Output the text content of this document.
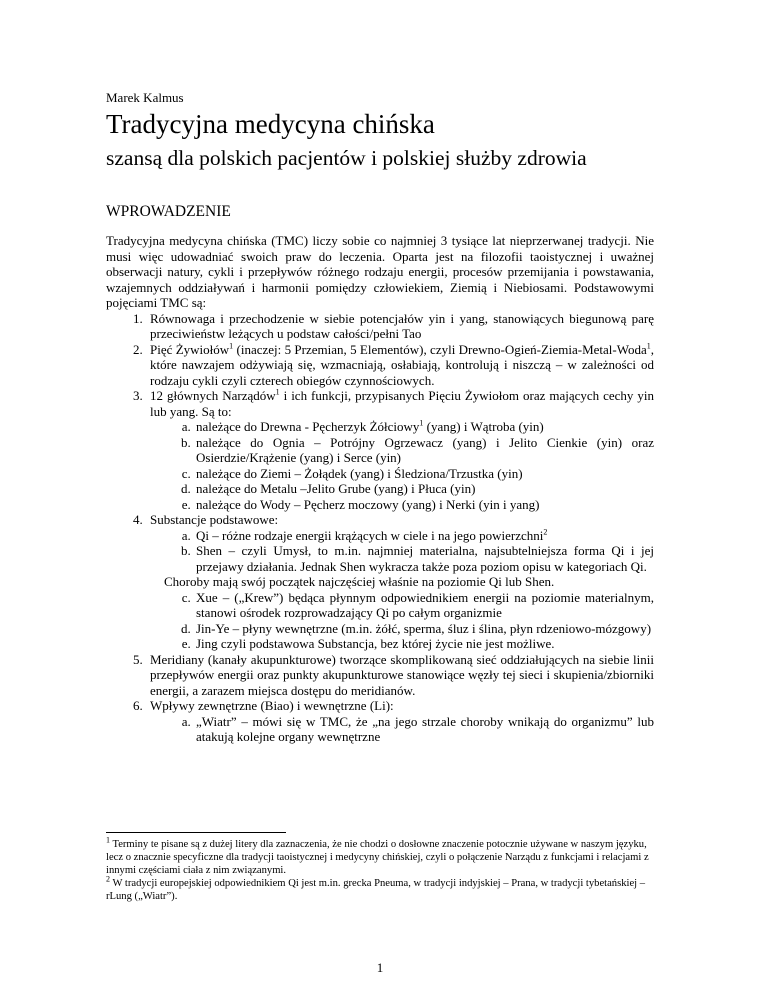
Marek Kalmus
Tradycyjna medycyna chińska
szansą dla polskich pacjentów i polskiej służby zdrowia
WPROWADZENIE

Tradycyjna medycyna chińska (TMC) liczy sobie co najmniej 3 tysiące lat nieprzerwanej tradycji. Nie musi więc udowadniać swoich praw do leczenia. Oparta jest na filozofii taoistycznej i uważnej obserwacji natury, cykli i przepływów różnego rodzaju energii, procesów przemijania i powstawania, wzajemnych oddziaływań i harmonii pomiędzy człowiekiem, Ziemią i Niebiosami. Podstawowymi pojęciami TMC są:

1. Równowaga i przechodzenie w siebie potencjałów yin i yang, stanowiących biegunową parę przeciwieństw leżących u podstaw całości/pełni Tao
2. Pięć Żywiołów$^1$ (inaczej: 5 Przemian, 5 Elementów), czyli Drewno-Ogień-Ziemia-Metal-Woda$^1$, które nawzajem odżywiają się, wzmacniają, osłabiają, kontrolują i niszczą – w zależności od rodzaju cykli czyli czterech obiegów czynnościowych.
3. 12 głównych Narządów$^1$ i ich funkcji, przypisanych Pięciu Żywiołom oraz mających cechy yin lub yang. Są to:
a. należące do Drewna - Pęcherzyk Żółciowy$^1$ (yang) i Wątroba (yin)
b. należące do Ognia – Potrójny Ogrzewacz (yang) i Jelito Cienkie (yin) oraz Osierdzie/Krążenie (yang) i Serce (yin)
c. należące do Ziemi – Żołądek (yang) i Śledziona/Trzustka (yin)
d. należące do Metalu –Jelito Grube (yang) i Płuca (yin)
e. należące do Wody – Pęcherz moczowy (yang) i Nerki (yin i yang)
4. Substancje podstawowe:
a. Qi – różne rodzaje energii krążących w ciele i na jego powierzchni$^2$
b. Shen – czyli Umysł, to m.in. najmniej materialna, najsubtelniejsza forma Qi i jej przejawy działania. Jednak Shen wykracza także poza poziom opisu w kategoriach Qi.
Choroby mają swój początek najczęściej właśnie na poziomie Qi lub Shen.
c. Xue – („Krew”) będąca płynnym odpowiednikiem energii na poziomie materialnym, stanowi ośrodek rozprowadzający Qi po całym organizmie
d. Jin-Ye – płyny wewnętrzne (m.in. żółć, sperma, śluz i ślina, płyn rdzeniowo-mózgowy)
e. Jing czyli podstawowa Substancja, bez której życie nie jest możliwe.
5. Meridiany (kanały akupunkturowe) tworzące skomplikowaną sieć oddziałujących na siebie linii przepływów energii oraz punkty akupunkturowe stanowiące węzły tej sieci i skupienia/zbiorniki energii, a zarazem miejsca dostępu do meridianów.
6. Wpływy zewnętrzne (Biao) i wewnętrzne (Li):
a. „Wiatr” – mówi się w TMC, że „na jego strzale choroby wnikają do organizmu” lub atakują kolejne organy wewnętrzne

$^1$ Terminy te pisane są z dużej litery dla zaznaczenia, że nie chodzi o dosłowne znaczenie potocznie używane w naszym języku, lecz o znacznie specyficzne dla tradycji taoistycznej i medycyny chińskiej, czyli o połączenie Narządu z funkcjami i relacjami z innymi częściami ciała z nim związanymi.

$^2$ W tradycji europejskiej odpowiednikiem Qi jest m.in. grecka Pneuma, w tradycji indyjskiej – Prana, w tradycji tybetańskiej – rLung („Wiatr”).

1
